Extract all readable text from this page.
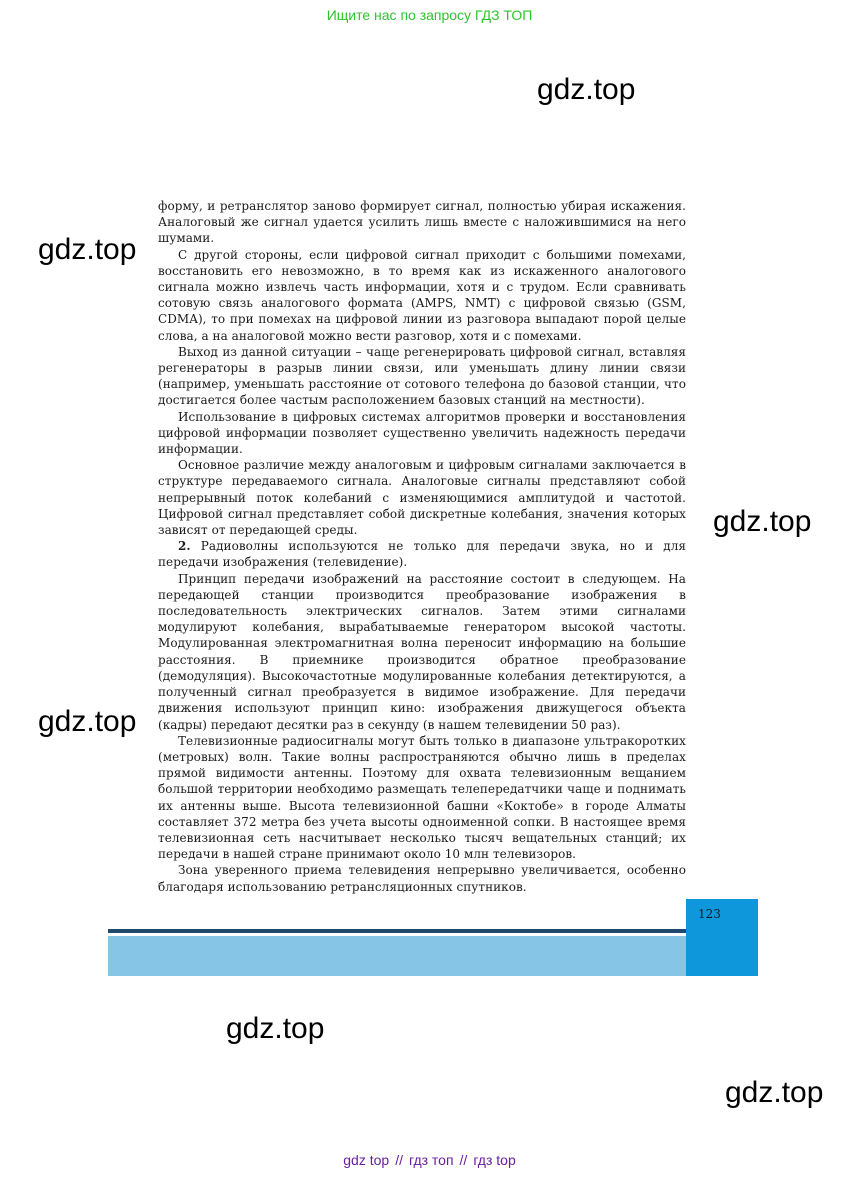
Ищите нас по запросу ГДЗ ТОП
gdz.top
gdz.top
gdz.top
gdz.top
gdz.top
gdz.top

форму, и ретранслятор заново формирует сигнал, полностью убирая искажения. Аналоговый же сигнал удается усилить лишь вместе с наложившимися на него шумами.

С другой стороны, если цифровой сигнал приходит с большими помехами, восстановить его невозможно, в то время как из искаженного аналогового сигнала можно извлечь часть информации, хотя и с трудом. Если сравнивать сотовую связь аналогового формата (AMPS, NMT) с цифровой связью (GSM, CDMA), то при помехах на цифровой линии из разговора выпадают порой целые слова, а на аналоговой можно вести разговор, хотя и с помехами.

Выход из данной ситуации – чаще регенерировать цифровой сигнал, вставляя регенераторы в разрыв линии связи, или уменьшать длину линии связи (например, уменьшать расстояние от сотового телефона до базовой станции, что достигается более частым расположением базовых станций на местности).

Использование в цифровых системах алгоритмов проверки и восстановления цифровой информации позволяет существенно увеличить надежность передачи информации.

Основное различие между аналоговым и цифровым сигналами заключается в структуре передаваемого сигнала. Аналоговые сигналы представляют собой непрерывный поток колебаний с изменяющимися амплитудой и частотой. Цифровой сигнал представляет собой дискретные колебания, значения которых зависят от передающей среды.

2. Радиоволны используются не только для передачи звука, но и для передачи изображения (телевидение).

Принцип передачи изображений на расстояние состоит в следующем. На передающей станции производится преобразование изображения в последовательность электрических сигналов. Затем этими сигналами модулируют колебания, вырабатываемые генератором высокой частоты. Модулированная электромагнитная волна переносит информацию на большие расстояния. В приемнике производится обратное преобразование (демодуляция). Высокочастотные модулированные колебания детектируются, а полученный сигнал преобразуется в видимое изображение. Для передачи движения используют принцип кино: изображения движущегося объекта (кадры) передают десятки раз в секунду (в нашем телевидении 50 раз).

Телевизионные радиосигналы могут быть только в диапазоне ультракоротких (метровых) волн. Такие волны распространяются обычно лишь в пределах прямой видимости антенны. Поэтому для охвата телевизионным вещанием большой территории необходимо размещать телепередатчики чаще и поднимать их антенны выше. Высота телевизионной башни «Коктобе» в городе Алматы составляет 372 метра без учета высоты одноименной сопки. В настоящее время телевизионная сеть насчитывает несколько тысяч вещательных станций; их передачи в нашей стране принимают около 10 млн телевизоров.

Зона уверенного приема телевидения непрерывно увеличивается, особенно благодаря использованию ретрансляционных спутников.

123
gdz top // гдз топ // гдз top
